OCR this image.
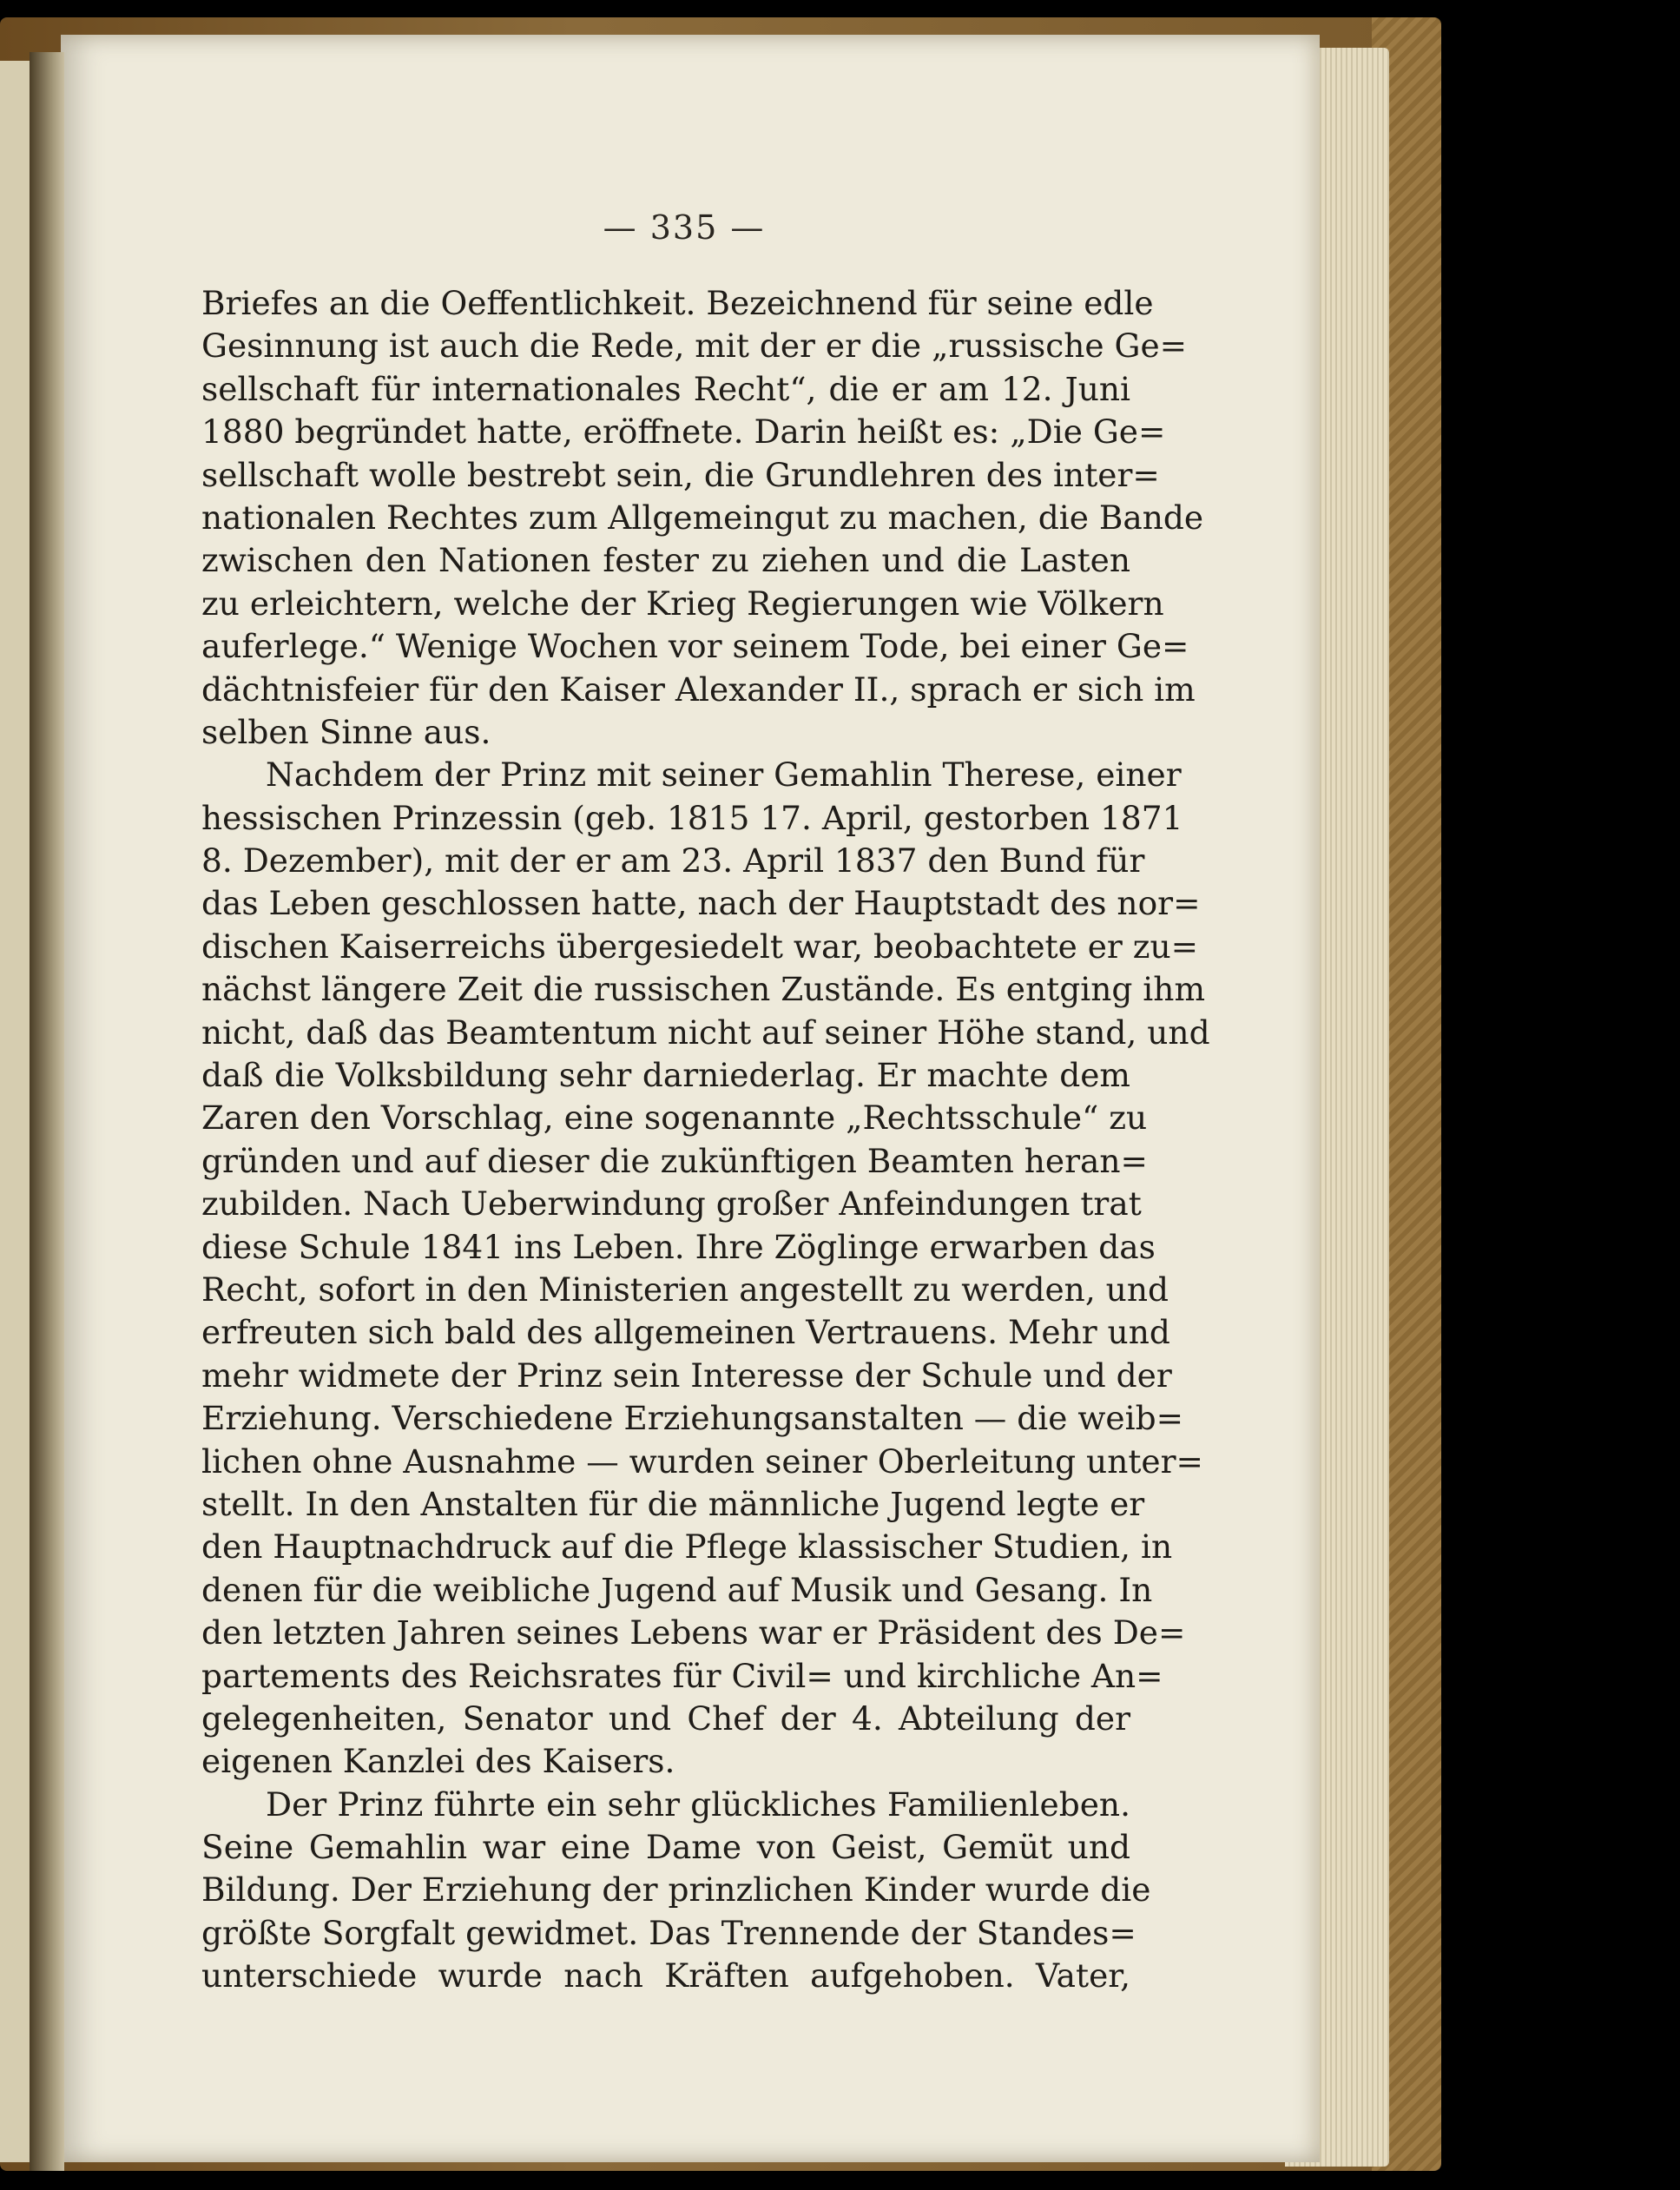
— 335 —
Briefes an die Oeffentlichkeit. Bezeichnend für seine edle
Gesinnung ist auch die Rede, mit der er die „russische Ge=
sellschaft für internationales Recht“, die er am 12. Juni
1880 begründet hatte, eröffnete. Darin heißt es: „Die Ge=
sellschaft wolle bestrebt sein, die Grundlehren des inter=
nationalen Rechtes zum Allgemeingut zu machen, die Bande
zwischen den Nationen fester zu ziehen und die Lasten
zu erleichtern, welche der Krieg Regierungen wie Völkern
auferlege.“ Wenige Wochen vor seinem Tode, bei einer Ge=
dächtnisfeier für den Kaiser Alexander II., sprach er sich im
selben Sinne aus.
Nachdem der Prinz mit seiner Gemahlin Therese, einer
hessischen Prinzessin (geb. 1815 17. April, gestorben 1871
8. Dezember), mit der er am 23. April 1837 den Bund für
das Leben geschlossen hatte, nach der Hauptstadt des nor=
dischen Kaiserreichs übergesiedelt war, beobachtete er zu=
nächst längere Zeit die russischen Zustände. Es entging ihm
nicht, daß das Beamtentum nicht auf seiner Höhe stand, und
daß die Volksbildung sehr darniederlag. Er machte dem
Zaren den Vorschlag, eine sogenannte „Rechtsschule“ zu
gründen und auf dieser die zukünftigen Beamten heran=
zubilden. Nach Ueberwindung großer Anfeindungen trat
diese Schule 1841 ins Leben. Ihre Zöglinge erwarben das
Recht, sofort in den Ministerien angestellt zu werden, und
erfreuten sich bald des allgemeinen Vertrauens. Mehr und
mehr widmete der Prinz sein Interesse der Schule und der
Erziehung. Verschiedene Erziehungsanstalten — die weib=
lichen ohne Ausnahme — wurden seiner Oberleitung unter=
stellt. In den Anstalten für die männliche Jugend legte er
den Hauptnachdruck auf die Pflege klassischer Studien, in
denen für die weibliche Jugend auf Musik und Gesang. In
den letzten Jahren seines Lebens war er Präsident des De=
partements des Reichsrates für Civil= und kirchliche An=
gelegenheiten, Senator und Chef der 4. Abteilung der
eigenen Kanzlei des Kaisers.
Der Prinz führte ein sehr glückliches Familienleben.
Seine Gemahlin war eine Dame von Geist, Gemüt und
Bildung. Der Erziehung der prinzlichen Kinder wurde die
größte Sorgfalt gewidmet. Das Trennende der Standes=
unterschiede wurde nach Kräften aufgehoben. Vater,
